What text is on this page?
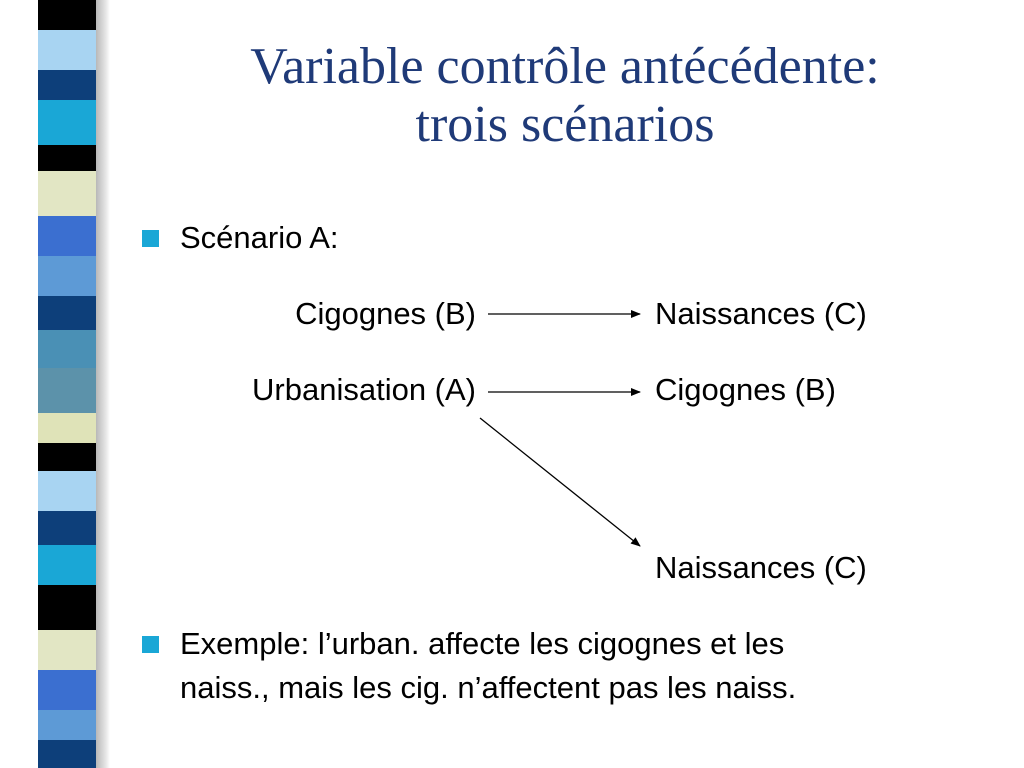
Variable contrôle antécédente:
trois scénarios
Scénario A:
Cigognes (B)	Naissances (C)
Urbanisation (A)	Cigognes (B)
Naissances (C)
Exemple: l’urban. affecte les cigognes et les
naiss., mais les cig. n’affectent pas les naiss.
